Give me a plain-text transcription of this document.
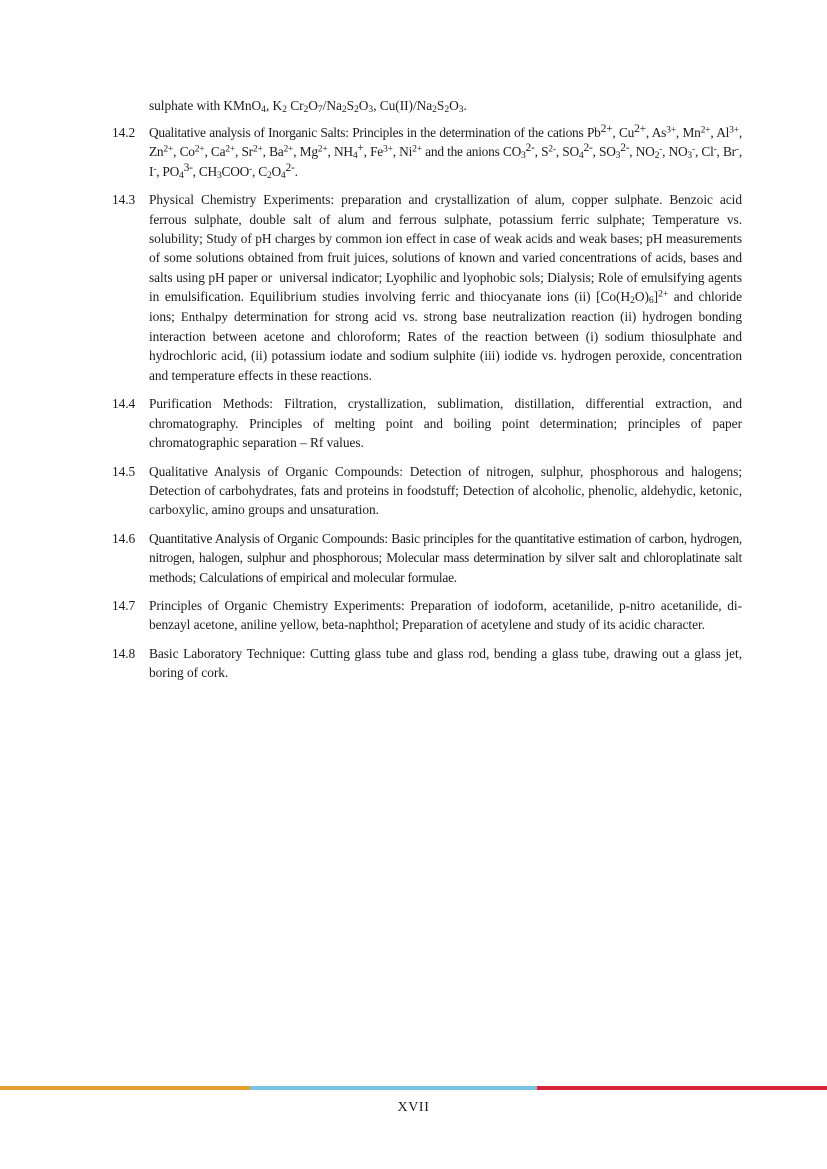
sulphate with KMnO$_4$, $K_2$ $Cr_2O_7/Na_2S_2O_3$, $Cu(II)/Na_2S_2O_3$.

14.2	Qualitative analysis of Inorganic Salts: Principles in the determination of the cations $Pb^{2+}$, $Cu^{2+}$, $As^{3+}$, $Mn^{2+}$, $Al^{3+}$, $Zn^{2+}$, $Co^{2+}$, $Ca^{2+}$, $Sr^{2+}$, $Ba^{2+}$, $Mg^{2+}$, $NH_4^+$, $Fe^{3+}$, $Ni^{2+}$ and the anions $CO_3^{2-}$, $S^{2-}$, $SO_4^{2-}$, $SO_3^{2-}$, $NO_2^-$, $NO_3^-$, Cl-, Br-, I-, $PO_4^{3-}$, $CH_3COO^-$, $C_2O_4^{2-}$.
14.3	Physical Chemistry Experiments: preparation and crystallization of alum, copper sulphate. Benzoic acid ferrous sulphate, double salt of alum and ferrous sulphate, potassium ferric sulphate; Temperature vs. solubility; Study of pH charges by common ion effect in case of weak acids and weak bases; pH measurements of some solutions obtained from fruit juices, solutions of known and varied concentrations of acids, bases and salts using pH paper or  universal indicator; Lyophilic and lyophobic sols; Dialysis; Role of emulsifying agents in emulsification. Equilibrium studies involving ferric and thiocyanate ions (ii) $[Co(H_2O)_6]^{2+}$ and chloride ions; Enthalpy determination for strong acid vs. strong base neutralization reaction (ii) hydrogen bonding interaction between acetone and chloroform; Rates of the reaction between (i) sodium thiosulphate and hydrochloric acid, (ii) potassium iodate and sodium sulphite (iii) iodide vs. hydrogen peroxide, concentration and temperature effects in these reactions.
14.4	Purification Methods: Filtration, crystallization, sublimation, distillation, differential extraction, and chromatography. Principles of melting point and boiling point determination; principles of paper chromatographic separation – Rf values.
14.5	Qualitative Analysis of Organic Compounds: Detection of nitrogen, sulphur, phosphorous and halogens; Detection of carbohydrates, fats and proteins in foodstuff; Detection of alcoholic, phenolic, aldehydic, ketonic, carboxylic, amino groups and unsaturation.
14.6	Quantitative Analysis of Organic Compounds: Basic principles for the quantitative estimation of carbon, hydrogen, nitrogen, halogen, sulphur and phosphorous; Molecular mass determination by silver salt and chloroplatinate salt methods; Calculations of empirical and molecular formulae.
14.7	Principles of Organic Chemistry Experiments: Preparation of iodoform, acetanilide, p-nitro acetanilide, di-benzayl acetone, aniline yellow, beta-naphthol; Preparation of acetylene and study of its acidic character.
14.8	Basic Laboratory Technique: Cutting glass tube and glass rod, bending a glass tube, drawing out a glass jet, boring of cork.
XVII
